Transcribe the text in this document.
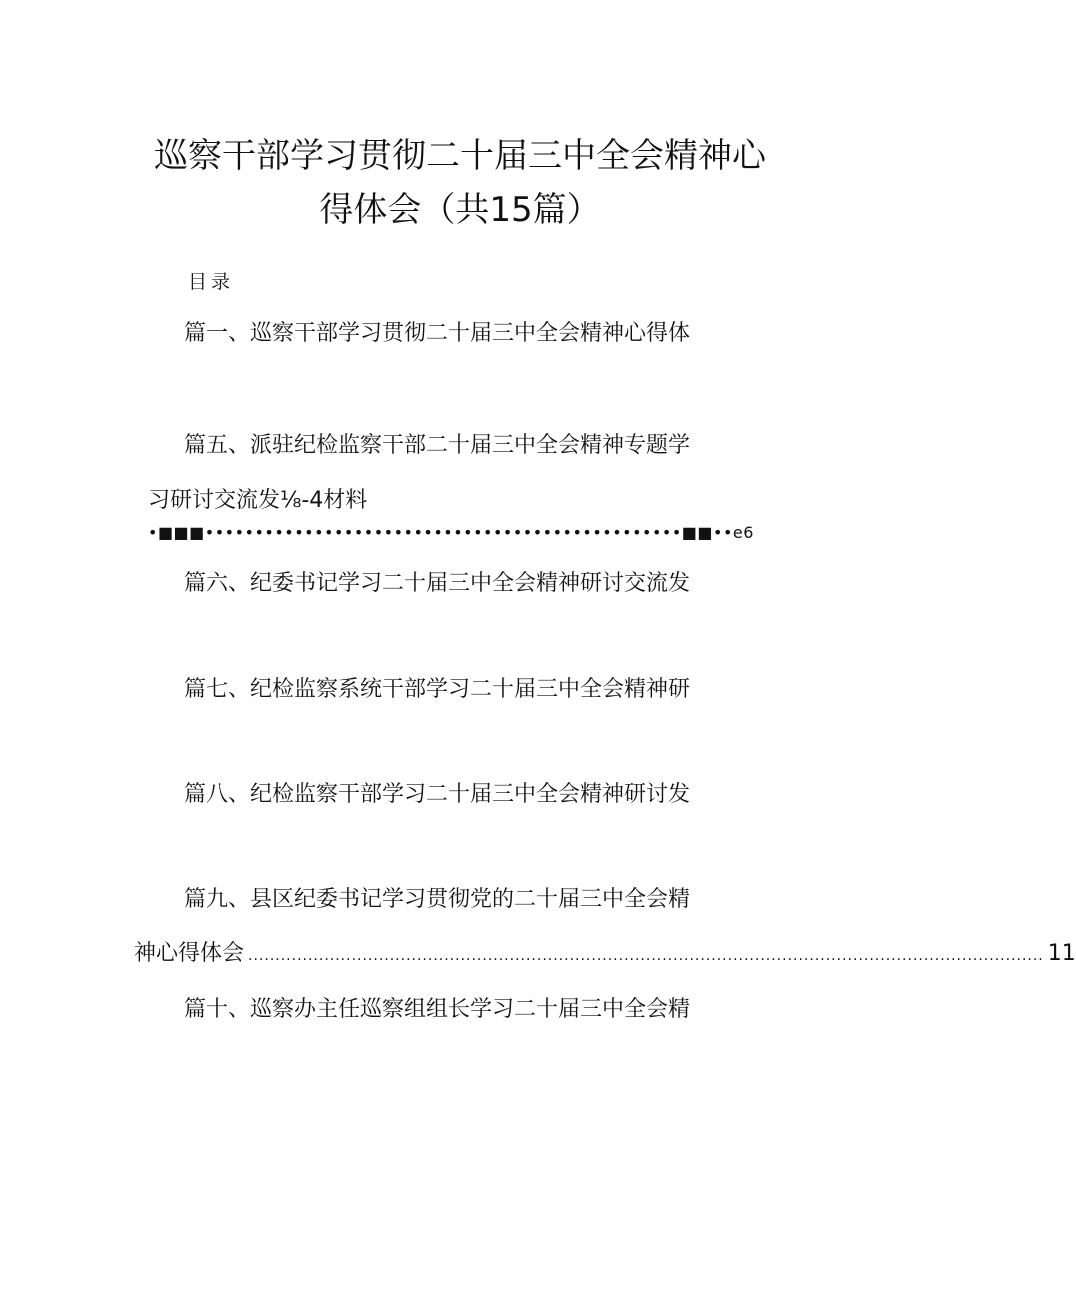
巡察干部学习贯彻二十届三中全会精神心
得体会（共15篇）
目录
篇一、巡察干部学习贯彻二十届三中全会精神心得体
篇五、派驻纪检监察干部二十届三中全会精神专题学
习研讨交流发⅛-4材料
•■■■••••••••••••••••••••••••••••••••••••••••••••••••■■••e6
篇六、纪委书记学习二十届三中全会精神研讨交流发
篇七、纪检监察系统干部学习二十届三中全会精神研
篇八、纪检监察干部学习二十届三中全会精神研讨发
篇九、县区纪委书记学习贯彻党的二十届三中全会精
神心得体会 .................................................................................................................................................. 11
篇十、巡察办主任巡察组组长学习二十届三中全会精
